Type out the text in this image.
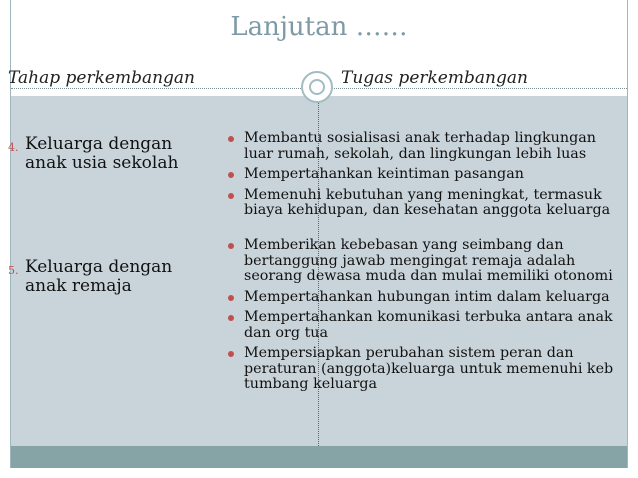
Lanjutan ……
Tahap perkembangan	Tugas perkembangan
4. Keluarga dengan anak usia sekolah
Membantu sosialisasi anak terhadap lingkungan luar rumah, sekolah, dan lingkungan lebih luas
Mempertahankan keintiman pasangan
Memenuhi kebutuhan yang meningkat, termasuk biaya kehidupan, dan kesehatan anggota keluarga
5. Keluarga dengan anak remaja
Memberikan kebebasan yang seimbang dan bertanggung jawab mengingat remaja adalah seorang dewasa muda dan mulai memiliki otonomi
Mempertahankan hubungan intim dalam keluarga
Mempertahankan komunikasi terbuka antara anak dan org tua
Mempersiapkan perubahan sistem peran dan peraturan (anggota)keluarga untuk memenuhi keb tumbang keluarga
